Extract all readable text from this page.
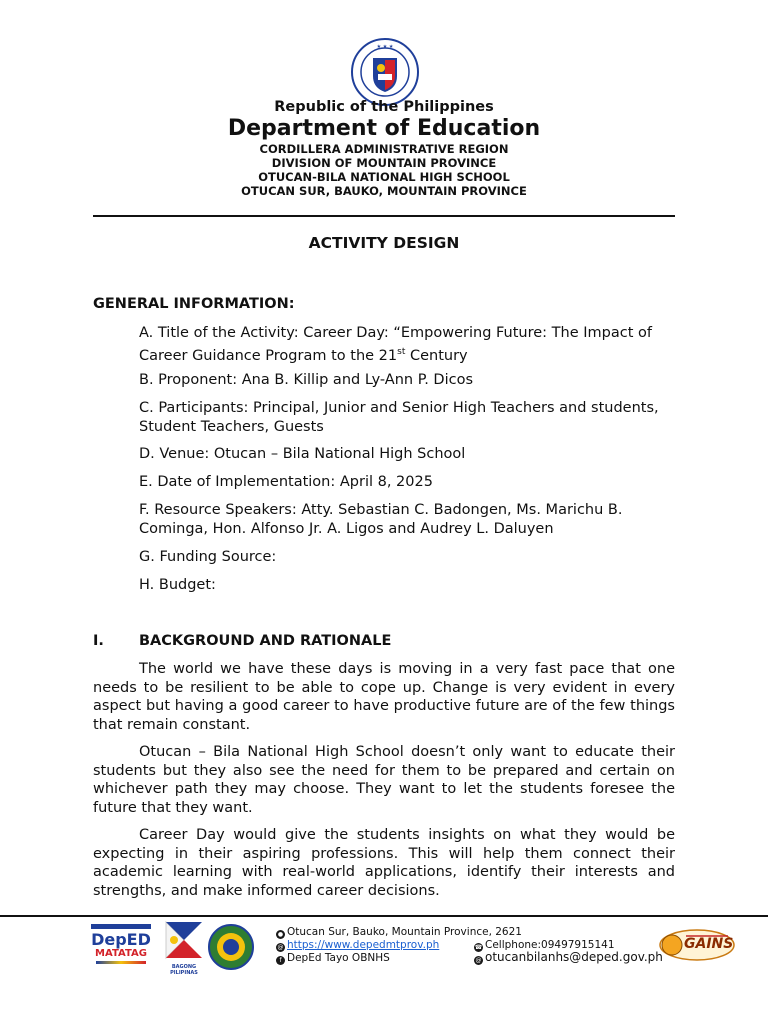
★ ★ ★
Republic of the Philippines
Department of Education
CORDILLERA ADMINISTRATIVE REGION
DIVISION OF MOUNTAIN PROVINCE
OTUCAN-BILA NATIONAL HIGH SCHOOL
OTUCAN SUR, BAUKO, MOUNTAIN PROVINCE
ACTIVITY DESIGN
GENERAL INFORMATION:
A. Title of the Activity: Career Day: “Empowering Future: The Impact of Career Guidance Program to the 21st Century
B. Proponent: Ana B. Killip and Ly-Ann P. Dicos
C. Participants: Principal, Junior and Senior High Teachers and students, Student Teachers, Guests
D. Venue: Otucan – Bila National High School
E. Date of Implementation: April 8, 2025
F. Resource Speakers: Atty. Sebastian C. Badongen, Ms. Marichu B. Cominga, Hon. Alfonso Jr. A. Ligos and Audrey L. Daluyen
G. Funding Source:
H. Budget:
I. BACKGROUND AND RATIONALE
The world we have these days is moving in a very fast pace that one needs to be resilient to be able to cope up. Change is very evident in every aspect but having a good career to have productive future are of the few things that remain constant.
Otucan – Bila National High School doesn’t only want to educate their students but they also see the need for them to be prepared and certain on whichever path they may choose. They want to let the students foresee the future that they want.
Career Day would give the students insights on what they would be expecting in their aspiring professions. This will help them connect their academic learning with real-world applications, identify their interests and strengths, and make informed career decisions.
DepED
MATATAG
BAGONG PILIPINAS
● Otucan Sur, Bauko, Mountain Province, 2621
@ https://www.depedmtprov.ph
f DepEd Tayo OBNHS
☎ Cellphone:09497915141
@ otucanbilanhs@deped.gov.ph
GAINS
